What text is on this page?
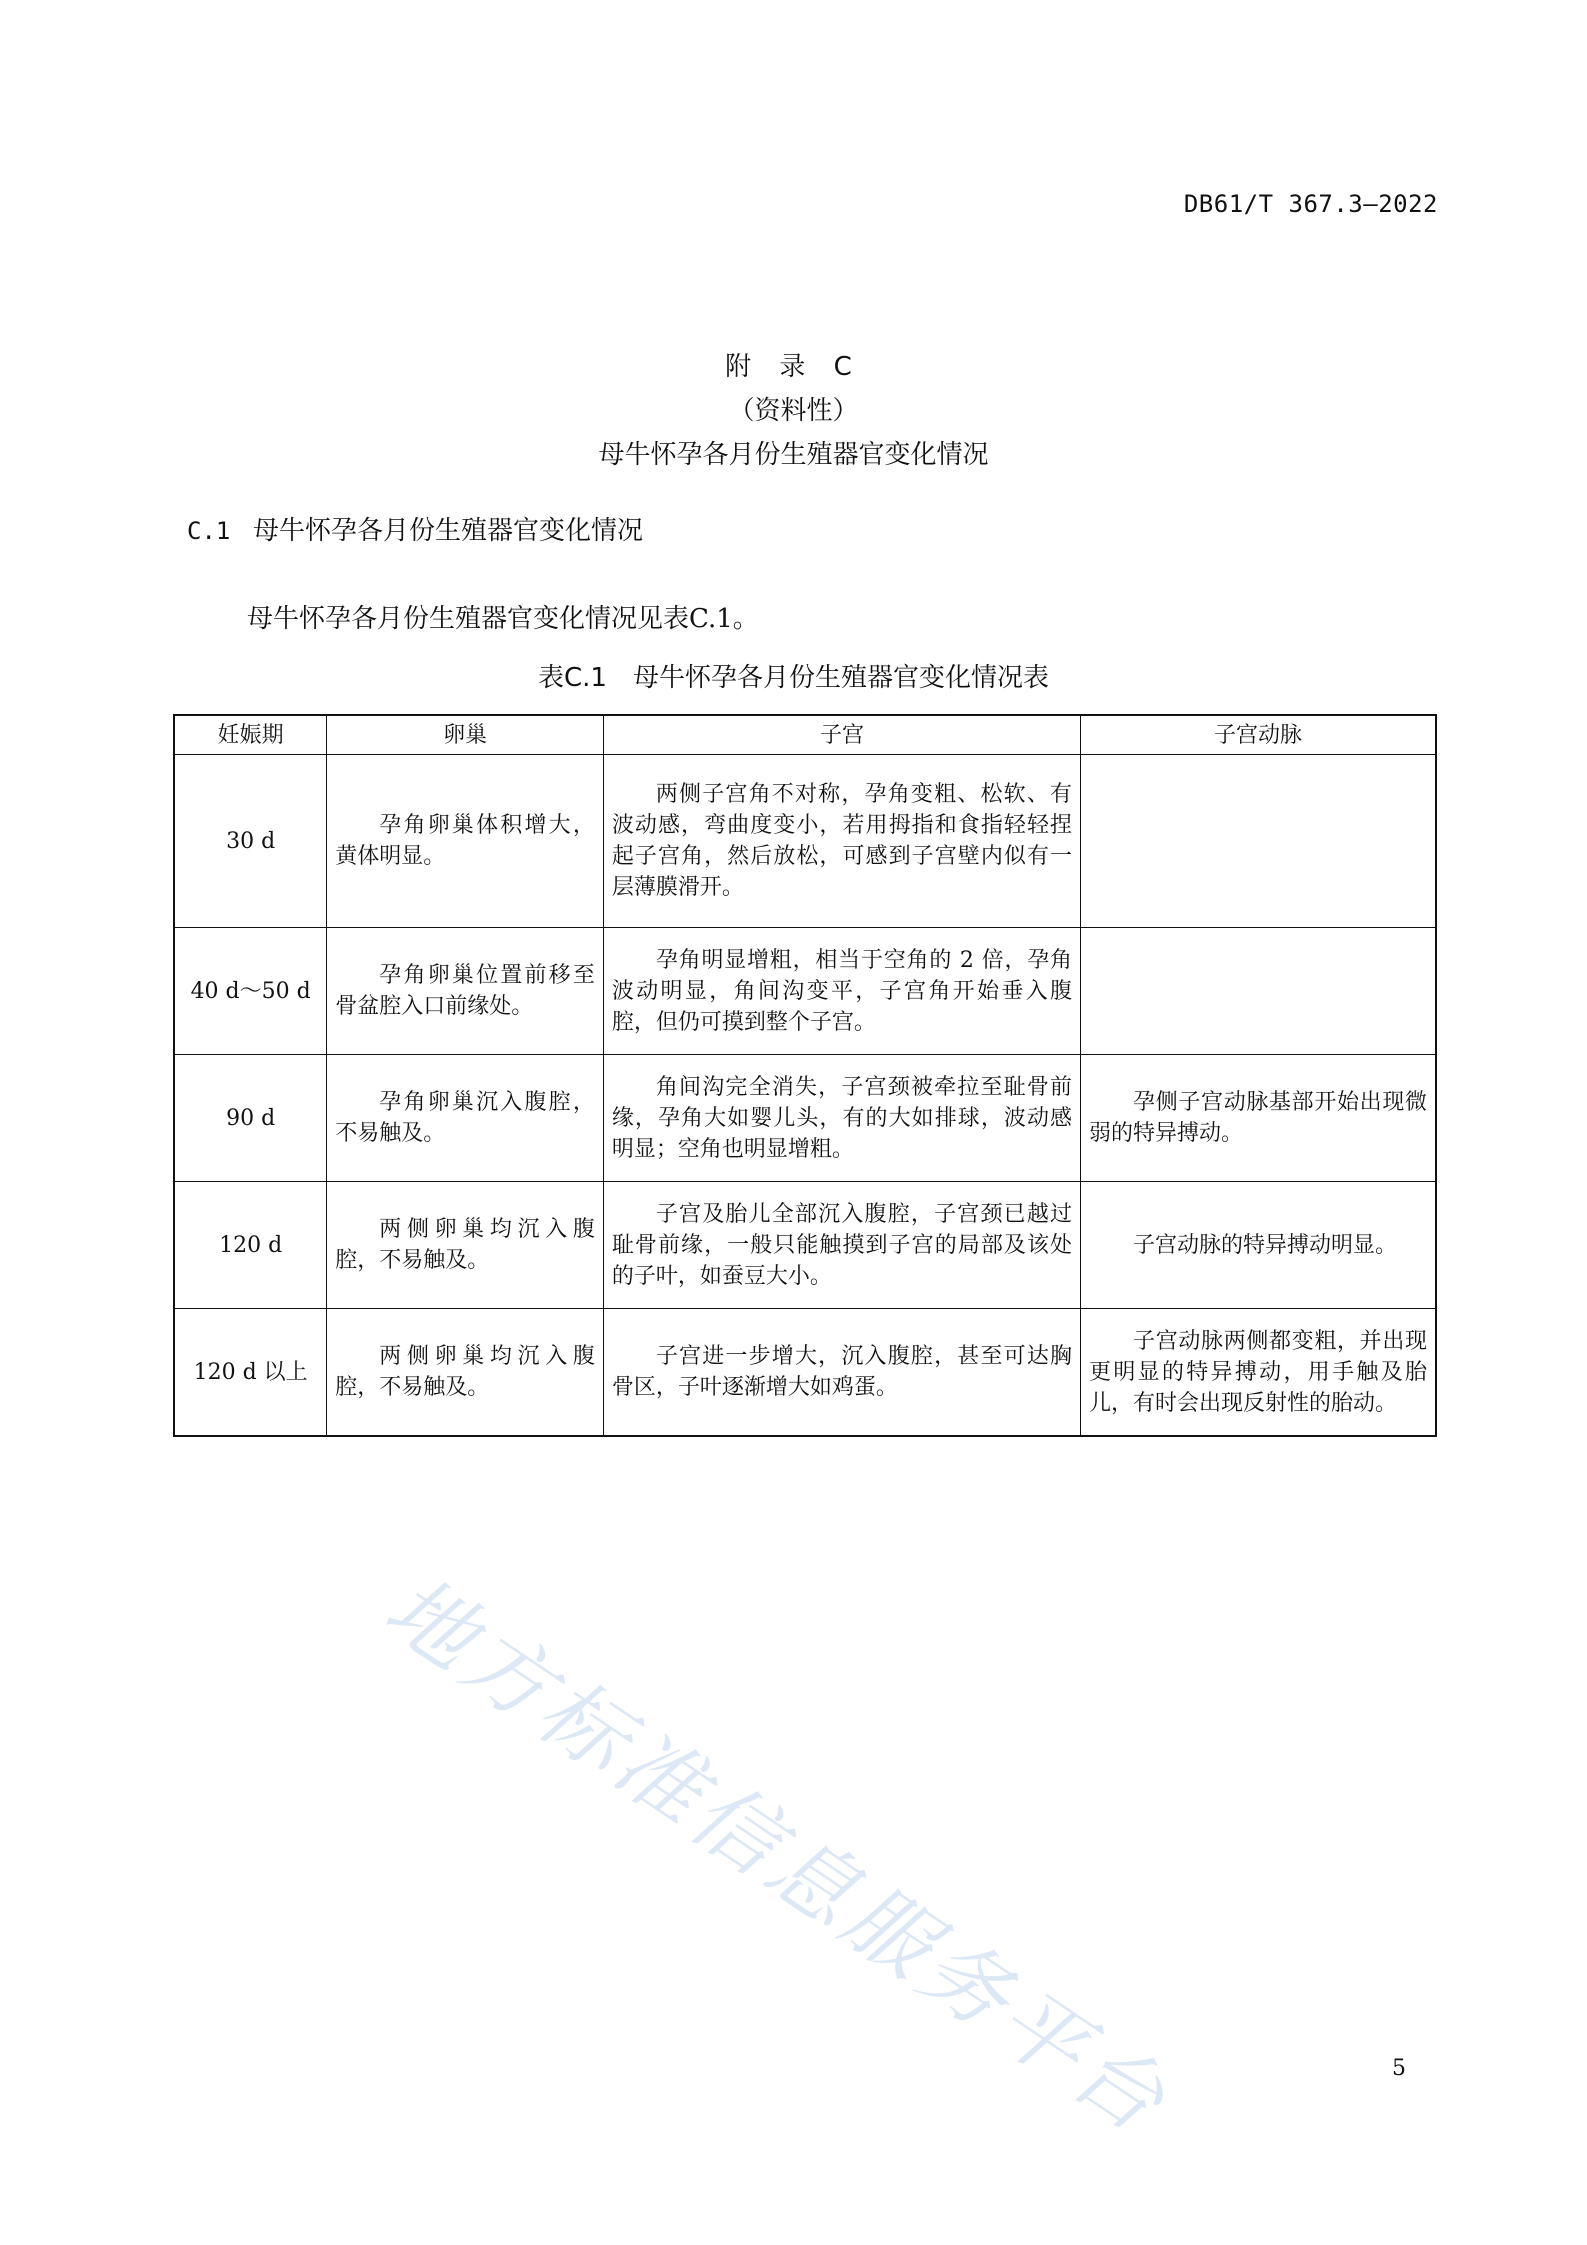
DB61/T 367.3—2022
附 录 C
（资料性）
母牛怀孕各月份生殖器官变化情况
C.1 母牛怀孕各月份生殖器官变化情况
母牛怀孕各月份生殖器官变化情况见表C.1。
表C.1　母牛怀孕各月份生殖器官变化情况表
妊娠期	卵巢	子宫	子宫动脉
30 d	孕角卵巢体积增大，黄体明显。	两侧子宫角不对称，孕角变粗、松软、有波动感，弯曲度变小，若用拇指和食指轻轻捏起子宫角，然后放松，可感到子宫壁内似有一层薄膜滑开。	
40 d～50 d	孕角卵巢位置前移至骨盆腔入口前缘处。	孕角明显增粗，相当于空角的 2 倍，孕角波动明显，角间沟变平，子宫角开始垂入腹腔，但仍可摸到整个子宫。	
90 d	孕角卵巢沉入腹腔，不易触及。	角间沟完全消失，子宫颈被牵拉至耻骨前缘，孕角大如婴儿头，有的大如排球，波动感明显；空角也明显增粗。	孕侧子宫动脉基部开始出现微弱的特异搏动。
120 d	两侧卵巢均沉入腹腔，不易触及。	子宫及胎儿全部沉入腹腔，子宫颈已越过耻骨前缘，一般只能触摸到子宫的局部及该处的子叶，如蚕豆大小。	子宫动脉的特异搏动明显。
120 d 以上	两侧卵巢均沉入腹腔，不易触及。	子宫进一步增大，沉入腹腔，甚至可达胸骨区，子叶逐渐增大如鸡蛋。	子宫动脉两侧都变粗，并出现更明显的特异搏动，用手触及胎儿，有时会出现反射性的胎动。
地方标准信息服务平台	5
